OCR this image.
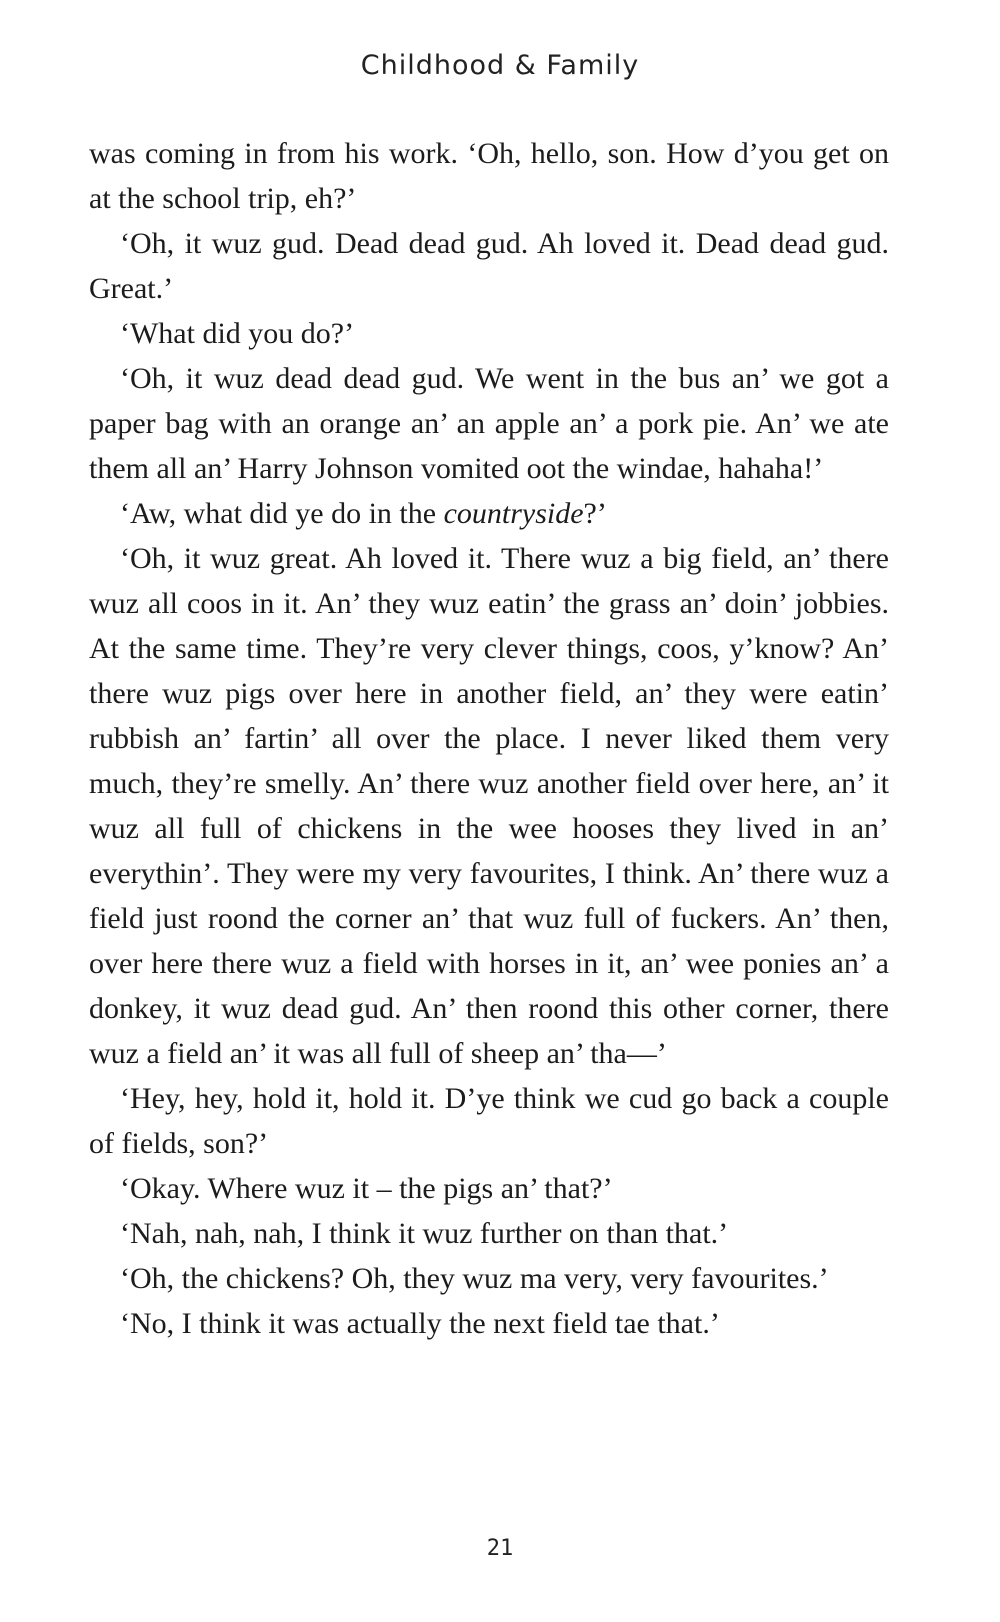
Childhood & Family

was coming in from his work. ‘Oh, hello, son. How d’you get on at the school trip, eh?’

‘Oh, it wuz gud. Dead dead gud. Ah loved it. Dead dead gud. Great.’

‘What did you do?’

‘Oh, it wuz dead dead gud. We went in the bus an’ we got a paper bag with an orange an’ an apple an’ a pork pie. An’ we ate them all an’ Harry Johnson vomited oot the windae, hahaha!’

‘Aw, what did ye do in the countryside?’

‘Oh, it wuz great. Ah loved it. There wuz a big field, an’ there wuz all coos in it. An’ they wuz eatin’ the grass an’ doin’ jobbies. At the same time. They’re very clever things, coos, y’know? An’ there wuz pigs over here in another field, an’ they were eatin’ rubbish an’ fartin’ all over the place. I never liked them very much, they’re smelly. An’ there wuz another field over here, an’ it wuz all full of chickens in the wee hooses they lived in an’ everythin’. They were my very favourites, I think. An’ there wuz a field just roond the corner an’ that wuz full of fuckers. An’ then, over here there wuz a field with horses in it, an’ wee ponies an’ a donkey, it wuz dead gud. An’ then roond this other corner, there wuz a field an’ it was all full of sheep an’ tha—’

‘Hey, hey, hold it, hold it. D’ye think we cud go back a couple of fields, son?’

‘Okay. Where wuz it – the pigs an’ that?’

‘Nah, nah, nah, I think it wuz further on than that.’

‘Oh, the chickens? Oh, they wuz ma very, very favourites.’

‘No, I think it was actually the next field tae that.’

21
